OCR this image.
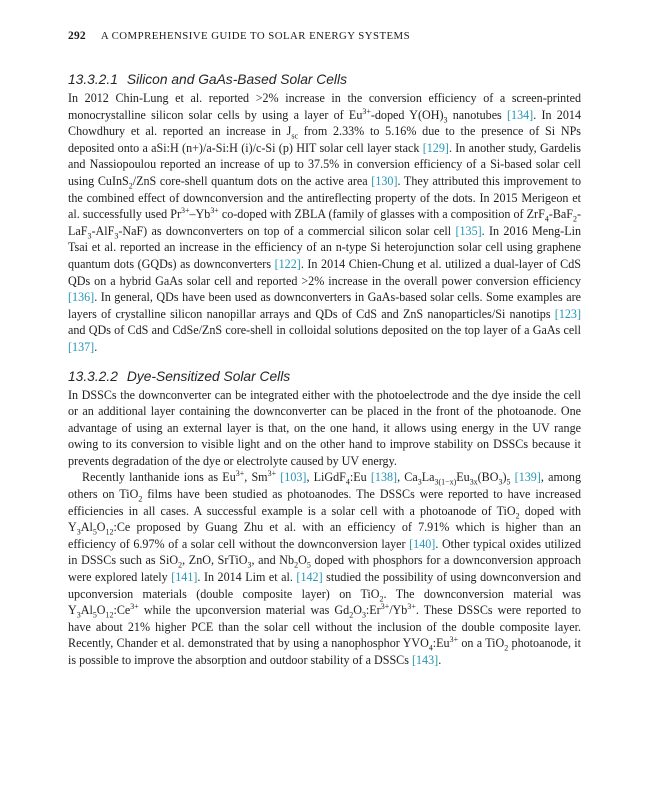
292 A COMPREHENSIVE GUIDE TO SOLAR ENERGY SYSTEMS
13.3.2.1 Silicon and GaAs-Based Solar Cells

In 2012 Chin-Lung et al. reported >2% increase in the conversion efficiency of a screen-printed monocrystalline silicon solar cells by using a layer of $Eu^{3+}$-doped $Y(OH)_3$ nanotubes [134]. In 2014 Chowdhury et al. reported an increase in $J_{sc}$ from 2.33% to 5.16% due to the presence of Si NPs deposited onto a aSi:H (n+)/a-Si:H (i)/c-Si (p) HIT solar cell layer stack [129]. In another study, Gardelis and Nassiopoulou reported an increase of up to 37.5% in conversion efficiency of a Si-based solar cell using CuInS$_2$/ZnS core-shell quantum dots on the active area [130]. They attributed this improvement to the combined effect of downconversion and the antireflecting property of the dots. In 2015 Merigeon et al. successfully used $Pr^{3+}-Yb^{3+}$ co-doped with ZBLA (family of glasses with a composition of ZrF$_4$-BaF$_2$-LaF$_3$-AlF$_3$-NaF) as downconverters on top of a commercial silicon solar cell [135]. In 2016 Meng-Lin Tsai et al. reported an increase in the efficiency of an n-type Si heterojunction solar cell using graphene quantum dots (GQDs) as downconverters [122]. In 2014 Chien-Chung et al. utilized a dual-layer of CdS QDs on a hybrid GaAs solar cell and reported >2% increase in the overall power conversion efficiency [136]. In general, QDs have been used as downconverters in GaAs-based solar cells. Some examples are layers of crystalline silicon nanopillar arrays and QDs of CdS and ZnS nanoparticles/Si nanotips [123] and QDs of CdS and CdSe/ZnS core-shell in colloidal solutions deposited on the top layer of a GaAs cell [137].

13.3.2.2 Dye-Sensitized Solar Cells

In DSSCs the downconverter can be integrated either with the photoelectrode and the dye inside the cell or an additional layer containing the downconverter can be placed in the front of the photoanode. One advantage of using an external layer is that, on the one hand, it allows using energy in the UV range owing to its conversion to visible light and on the other hand to improve stability on DSSCs because it prevents degradation of the dye or electrolyte caused by UV energy.

Recently lanthanide ions as $Eu^{3+}$, $Sm^{3+}$ [103], LiGdF$_4$:Eu [138], $Ca_3La_{3(1-x)}Eu_{3x}(BO_3)_5$ [139], among others on TiO$_2$ films have been studied as photoanodes. The DSSCs were reported to have increased efficiencies in all cases. A successful example is a solar cell with a photoanode of TiO$_2$ doped with $Y_3Al_5O_{12}:Ce$ proposed by Guang Zhu et al. with an efficiency of 7.91% which is higher than an efficiency of 6.97% of a solar cell without the downconversion layer [140]. Other typical oxides utilized in DSSCs such as SiO$_2$, ZnO, SrTiO$_3$, and $Nb_2O_5$ doped with phosphors for a downconversion approach were explored lately [141]. In 2014 Lim et al. [142] studied the possibility of using downconversion and upconversion materials (double composite layer) on TiO$_2$. The downconversion material was $Y_3Al_5O_{12}:Ce^{3+}$ while the upconversion material was $Gd_2O_3:Er^{3+}/Yb^{3+}$. These DSSCs were reported to have about 21% higher PCE than the solar cell without the inclusion of the double composite layer. Recently, Chander et al. demonstrated that by using a nanophosphor $YVO_4:Eu^{3+}$ on a TiO$_2$ photoanode, it is possible to improve the absorption and outdoor stability of a DSSCs [143].
